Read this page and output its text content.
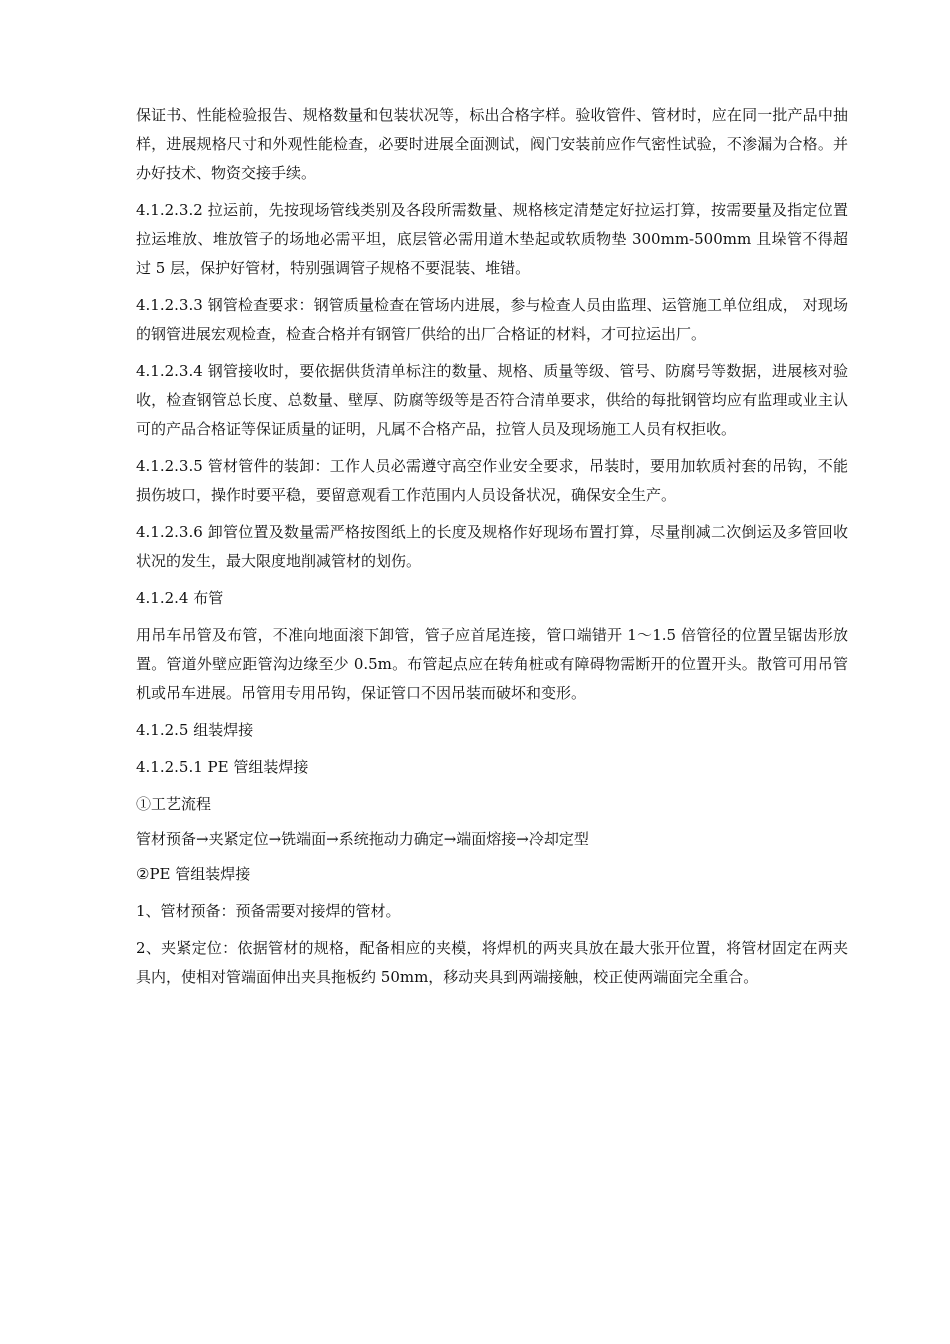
保证书、性能检验报告、规格数量和包装状况等，标出合格字样。验收管件、管材时，应在同一批产品中抽样，进展规格尺寸和外观性能检查，必要时进展全面测试，阀门安装前应作气密性试验，不渗漏为合格。并办好技术、物资交接手续。

4.1.2.3.2 拉运前，先按现场管线类别及各段所需数量、规格核定清楚定好拉运打算，按需要量及指定位置拉运堆放、堆放管子的场地必需平坦，底层管必需用道木垫起或软质物垫 300mm-500mm 且垛管不得超过 5 层，保护好管材，特别强调管子规格不要混装、堆错。

4.1.2.3.3 钢管检查要求：钢管质量检查在管场内进展，参与检查人员由监理、运管施工单位组成， 对现场的钢管进展宏观检查，检查合格并有钢管厂供给的出厂合格证的材料，才可拉运出厂。

4.1.2.3.4 钢管接收时，要依据供货清单标注的数量、规格、质量等级、管号、防腐号等数据，进展核对验收，检查钢管总长度、总数量、壁厚、防腐等级等是否符合清单要求，供给的每批钢管均应有监理或业主认可的产品合格证等保证质量的证明，凡属不合格产品，拉管人员及现场施工人员有权拒收。

4.1.2.3.5 管材管件的装卸：工作人员必需遵守高空作业安全要求，吊装时，要用加软质衬套的吊钩，不能损伤坡口，操作时要平稳，要留意观看工作范围内人员设备状况，确保安全生产。

4.1.2.3.6 卸管位置及数量需严格按图纸上的长度及规格作好现场布置打算，尽量削减二次倒运及多管回收状况的发生，最大限度地削减管材的划伤。

4.1.2.4 布管

用吊车吊管及布管，不准向地面滚下卸管，管子应首尾连接，管口端错开 1～1.5 倍管径的位置呈锯齿形放置。管道外壁应距管沟边缘至少 0.5m。布管起点应在转角桩或有障碍物需断开的位置开头。散管可用吊管机或吊车进展。吊管用专用吊钩，保证管口不因吊装而破坏和变形。

4.1.2.5 组装焊接

4.1.2.5.1 PE 管组装焊接

①工艺流程

管材预备→夹紧定位→铣端面→系统拖动力确定→端面熔接→冷却定型

②PE 管组装焊接

1、管材预备：预备需要对接焊的管材。

2、夹紧定位：依据管材的规格，配备相应的夹模，将焊机的两夹具放在最大张开位置，将管材固定在两夹具内，使相对管端面伸出夹具拖板约 50mm，移动夹具到两端接触，校正使两端面完全重合。
